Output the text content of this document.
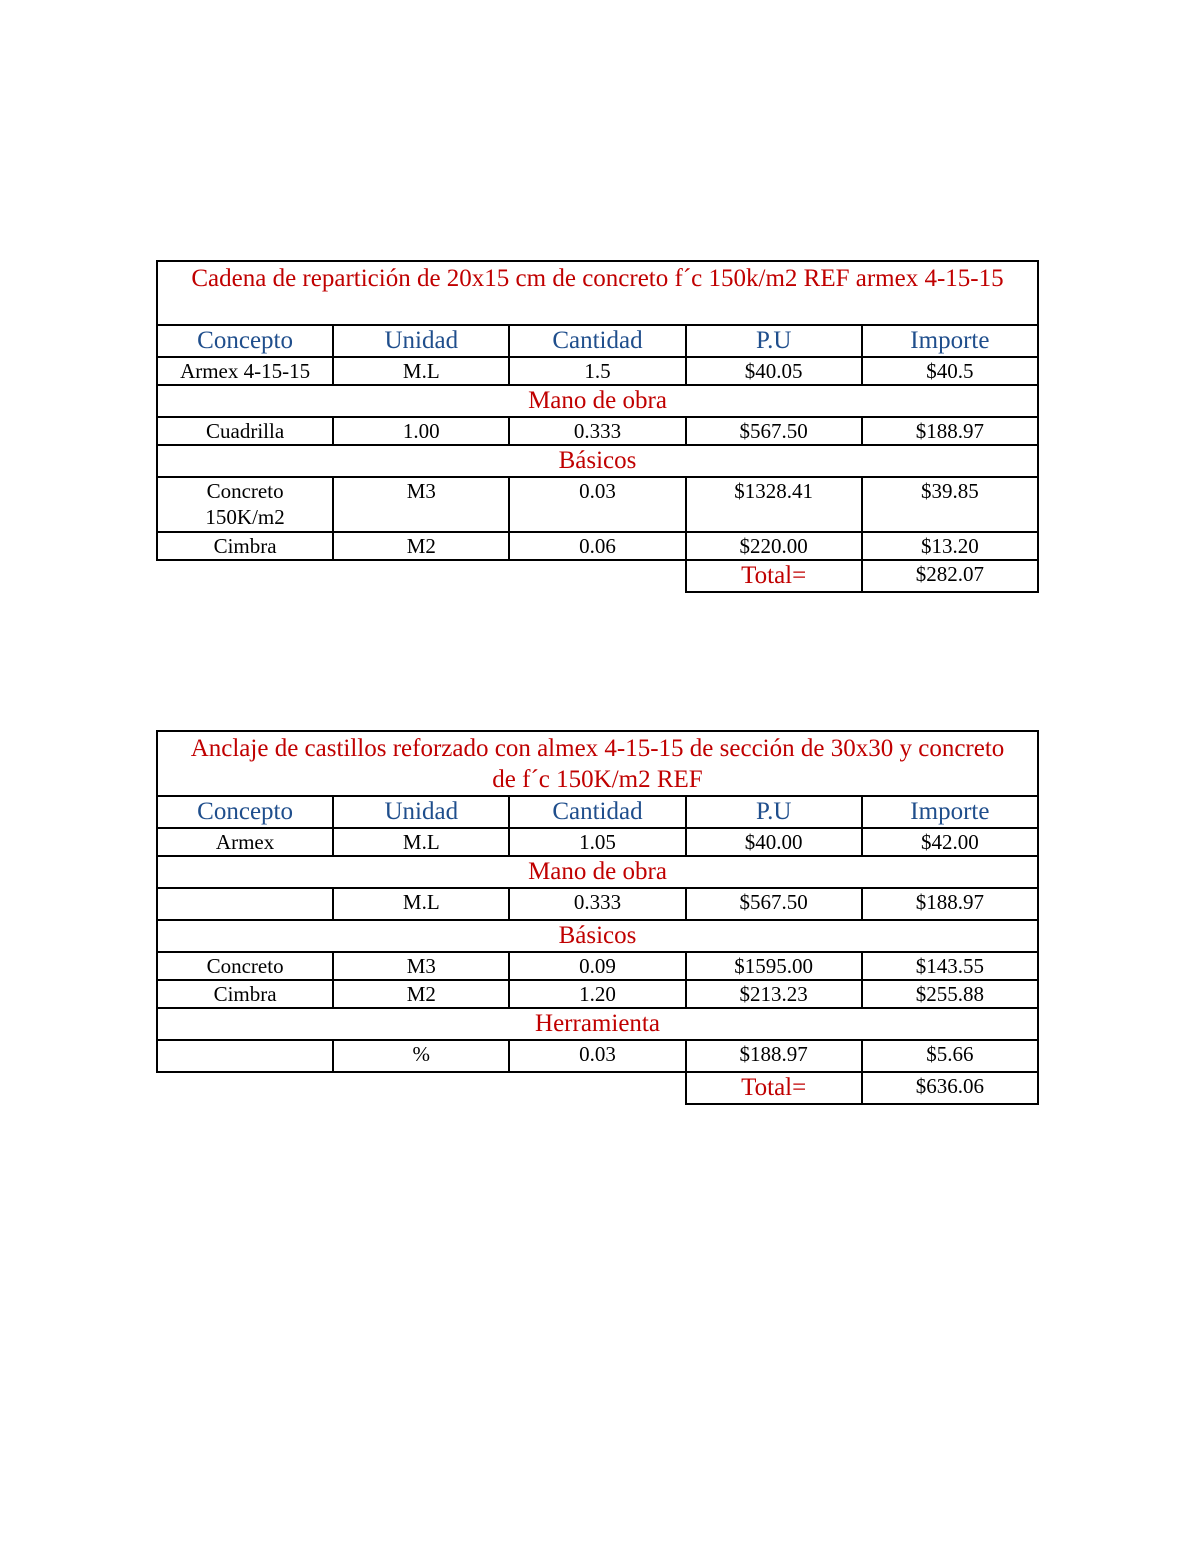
Cadena de repartición de 20x15 cm de concreto f´c 150k/m2 REF armex 4-15-15				
Concepto	Unidad	Cantidad	P.U	Importe
Armex 4-15-15	M.L	1.5	$40.05	$40.5
Mano de obra				
Cuadrilla	1.00	0.333	$567.50	$188.97
Básicos				
Concreto 150K/m2	M3	0.03	$1328.41	$39.85
Cimbra	M2	0.06	$220.00	$13.20
			Total=	$282.07
Anclaje de castillos reforzado con almex 4-15-15 de sección de 30x30 y concreto de f´c 150K/m2 REF				
Concepto	Unidad	Cantidad	P.U	Importe
Armex	M.L	1.05	$40.00	$42.00
Mano de obra				
	M.L	0.333	$567.50	$188.97
Básicos				
Concreto	M3	0.09	$1595.00	$143.55
Cimbra	M2	1.20	$213.23	$255.88
Herramienta				
	%	0.03	$188.97	$5.66
			Total=	$636.06
